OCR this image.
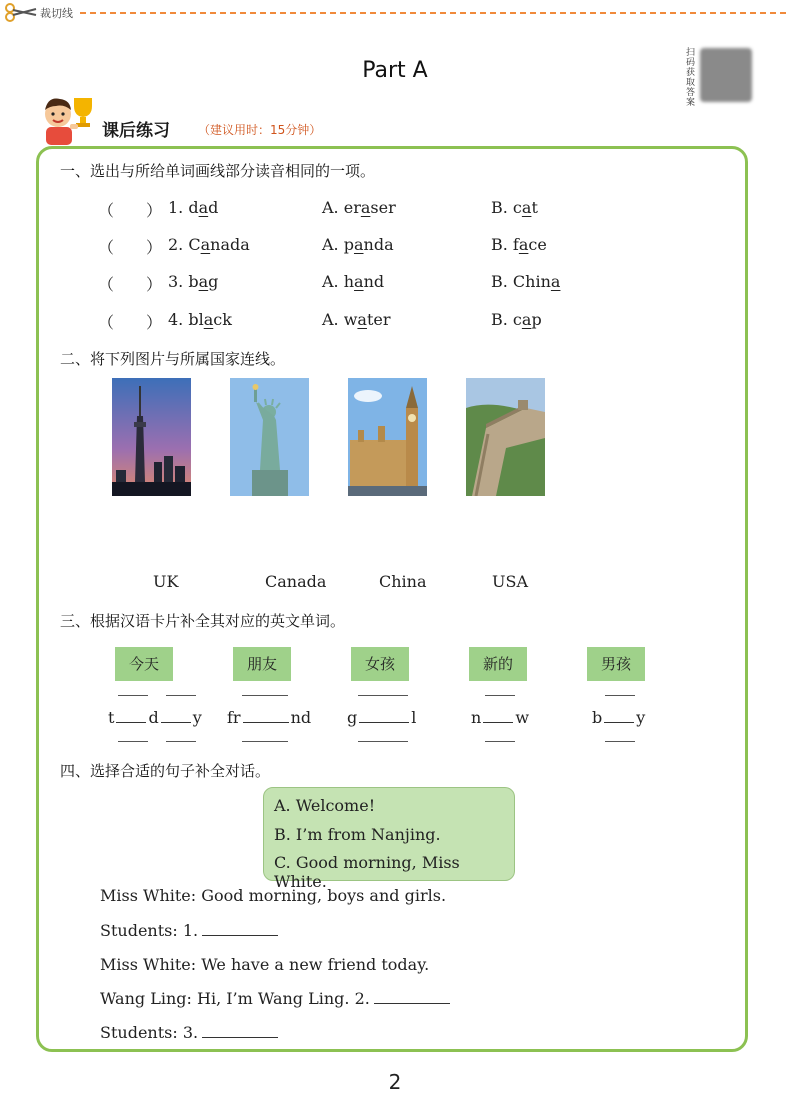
裁切线
Part A
扫码获取答案
课后练习 （建议用时：15分钟）
一、选出与所给单词画线部分读音相同的一项。
（　　） 1. dad	A. eraser	B. cat
（　　） 2. Canada	A. panda	B. face
（　　） 3. bag	A. hand	B. China
（　　） 4. black	A. water	B. cap
二、将下列图片与所属国家连线。
UK	Canada	China	USA
三、根据汉语卡片补全其对应的英文单词。
今天	朋友	女孩	新的	男孩
t d y fr	nd g	l	n w	b y
四、选择合适的句子补全对话。
A. Welcome!
B. I’m from Nanjing.
C. Good morning, Miss White.
Miss White: Good morning, boys and girls.
Students: 1.
Miss White: We have a new friend today.
Wang Ling: Hi, I’m Wang Ling. 2.
Students: 3.
2
